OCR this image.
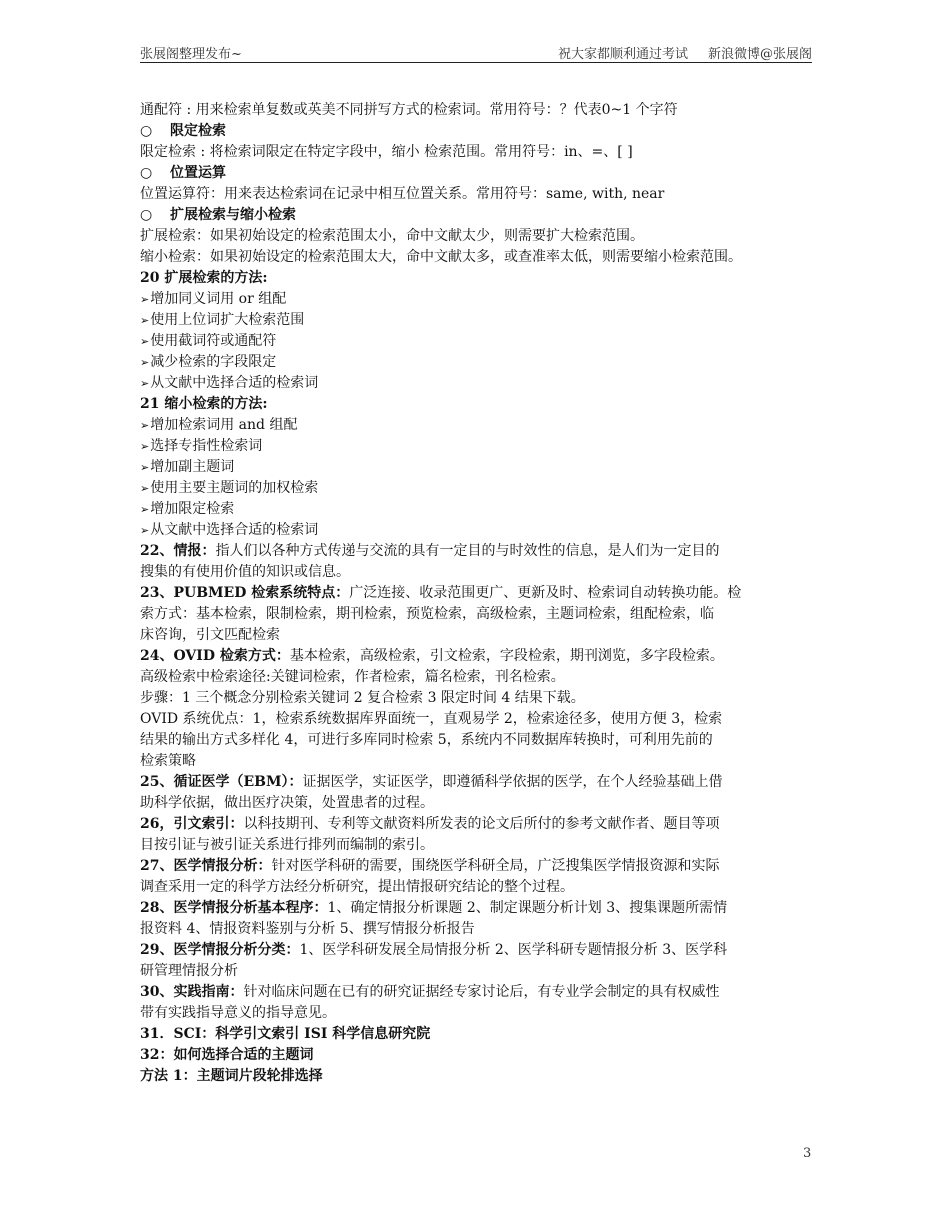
张展阁整理发布~	祝大家都顺利通过考试 新浪微博@张展阁
通配符 : 用来检索单复数或英美不同拼写方式的检索词。常用符号：？代表0~1 个字符
○ 限定检索
限定检索 : 将检索词限定在特定字段中，缩小 检索范围。常用符号：in、=、[ ]
○ 位置运算
位置运算符：用来表达检索词在记录中相互位置关系。常用符号：same, with, near
○ 扩展检索与缩小检索
扩展检索：如果初始设定的检索范围太小，命中文献太少，则需要扩大检索范围。
缩小检索：如果初始设定的检索范围太大，命中文献太多，或查准率太低，则需要缩小检索范围。
20 扩展检索的方法:
➢增加同义词用 or 组配
➢使用上位词扩大检索范围
➢使用截词符或通配符
➢减少检索的字段限定
➢从文献中选择合适的检索词
21 缩小检索的方法:
➢增加检索词用 and 组配
➢选择专指性检索词
➢增加副主题词
➢使用主要主题词的加权检索
➢增加限定检索
➢从文献中选择合适的检索词
22、情报：指人们以各种方式传递与交流的具有一定目的与时效性的信息，是人们为一定目的
搜集的有使用价值的知识或信息。
23、PUBMED 检索系统特点：广泛连接、收录范围更广、更新及时、检索词自动转换功能。检
索方式：基本检索，限制检索，期刊检索，预览检索，高级检索，主题词检索，组配检索，临
床咨询，引文匹配检索
24、OVID 检索方式：基本检索，高级检索，引文检索，字段检索，期刊浏览，多字段检索。
高级检索中检索途径:关键词检索，作者检索，篇名检索，刊名检索。
步骤：1 三个概念分别检索关键词 2 复合检索 3 限定时间 4 结果下载。
OVID 系统优点：1，检索系统数据库界面统一，直观易学 2，检索途径多，使用方便 3，检索
结果的输出方式多样化 4，可进行多库同时检索 5，系统内不同数据库转换时，可利用先前的
检索策略
25、循证医学（EBM）：证据医学，实证医学，即遵循科学依据的医学，在个人经验基础上借
助科学依据，做出医疗决策，处置患者的过程。
26，引文索引：以科技期刊、专利等文献资料所发表的论文后所付的参考文献作者、题目等项
目按引证与被引证关系进行排列而编制的索引。
27、医学情报分析：针对医学科研的需要，围绕医学科研全局，广泛搜集医学情报资源和实际
调查采用一定的科学方法经分析研究，提出情报研究结论的整个过程。
28、医学情报分析基本程序：1、确定情报分析课题 2、制定课题分析计划 3、搜集课题所需情
报资料 4、情报资料鉴别与分析 5、撰写情报分析报告
29、医学情报分析分类：1、医学科研发展全局情报分析 2、医学科研专题情报分析 3、医学科
研管理情报分析
30、实践指南：针对临床问题在已有的研究证据经专家讨论后，有专业学会制定的具有权威性
带有实践指导意义的指导意见。
31．SCI：科学引文索引 ISI 科学信息研究院
32：如何选择合适的主题词
方法 1：主题词片段轮排选择
3
